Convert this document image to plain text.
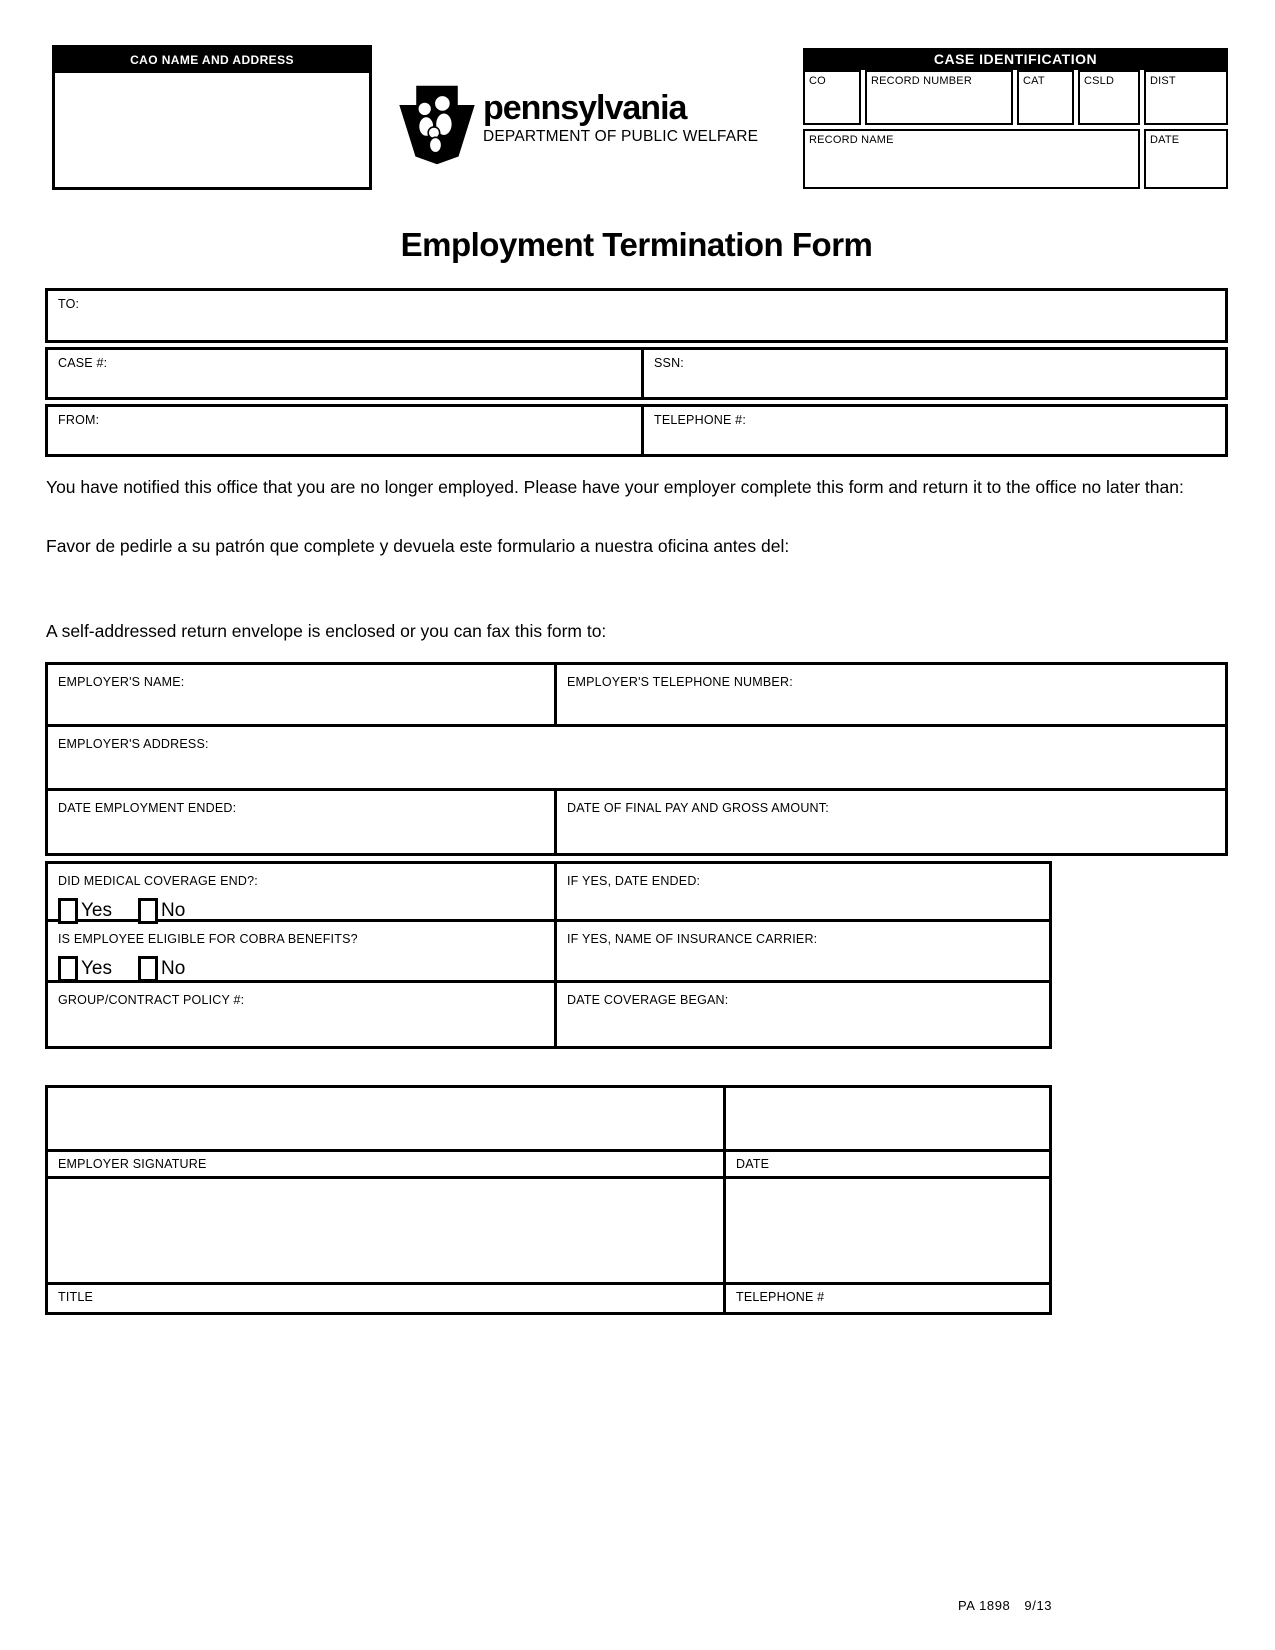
CAO NAME AND ADDRESS
pennsylvania
DEPARTMENT OF PUBLIC WELFARE
CASE IDENTIFICATION
CO	RECORD NUMBER	CAT	CSLD	DIST
RECORD NAME	DATE
Employment Termination Form
TO:
CASE #:	SSN:
FROM:	TELEPHONE #:

You have notified this office that you are no longer employed. Please have your employer complete this form and return it to the office no later than:

Favor de pedirle a su patrón que complete y devuela este formulario a nuestra oficina antes del:

A self-addressed return envelope is enclosed or you can fax this form to:

EMPLOYER'S NAME:	EMPLOYER'S TELEPHONE NUMBER:
EMPLOYER'S ADDRESS:
DATE EMPLOYMENT ENDED:	DATE OF FINAL PAY AND GROSS AMOUNT:
DID MEDICAL COVERAGE END?:
Yes	No
IF YES, DATE ENDED:
IS EMPLOYEE ELIGIBLE FOR COBRA BENEFITS?
Yes	No
IF YES, NAME OF INSURANCE CARRIER:
GROUP/CONTRACT POLICY #:	DATE COVERAGE BEGAN:
EMPLOYER SIGNATURE	DATE
TITLE	TELEPHONE #
PA 1898 9/13
